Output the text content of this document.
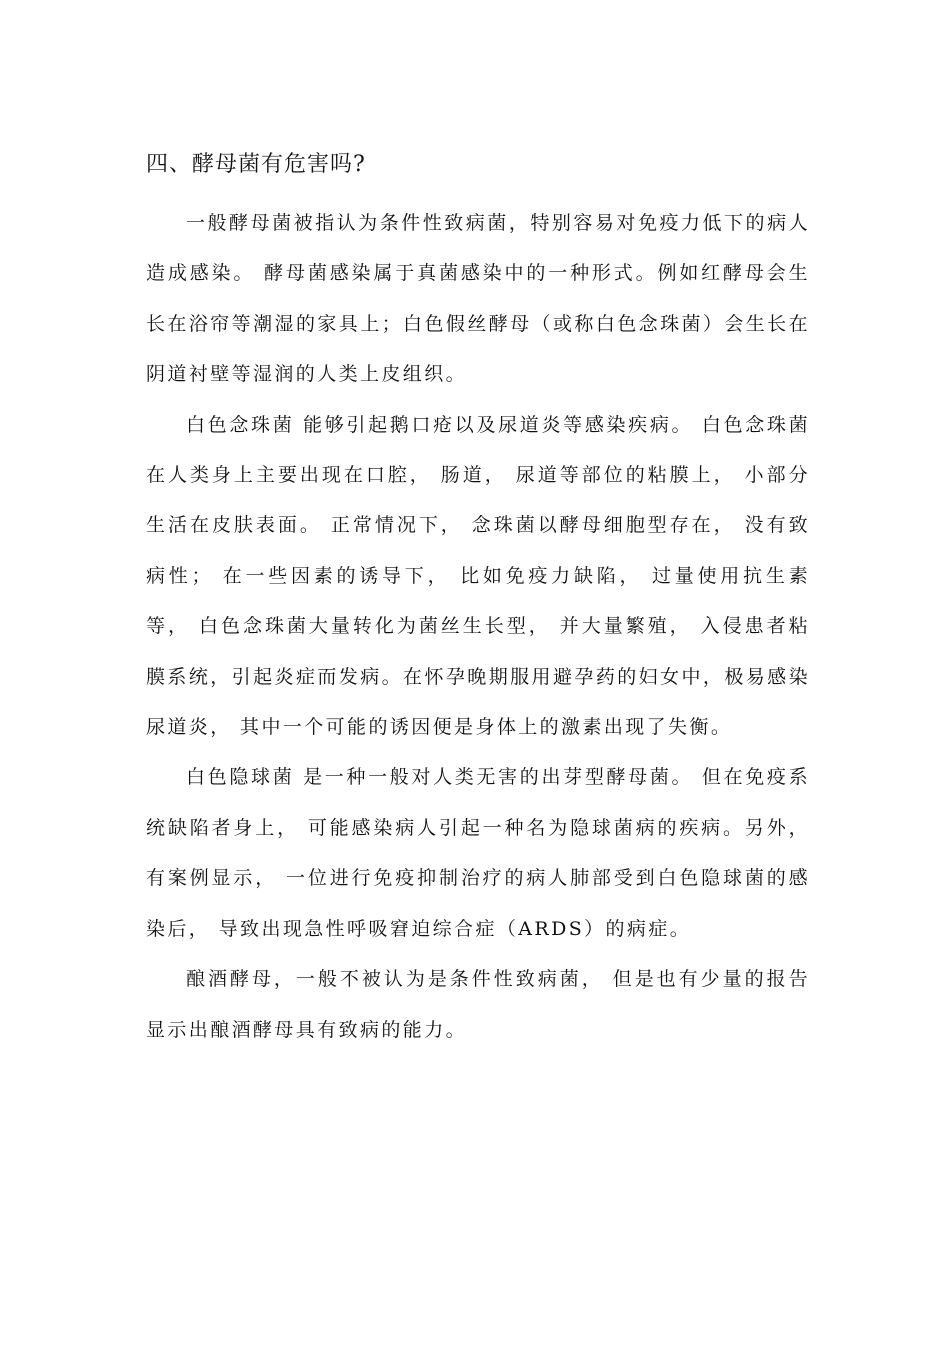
四、酵母菌有危害吗?

一般酵母菌被指认为条件性致病菌，特别容易对免疫力低下的病人造成感染。 酵母菌感染属于真菌感染中的一种形式。例如红酵母会生长在浴帘等潮湿的家具上；白色假丝酵母（或称白色念珠菌）会生长在阴道衬壁等湿润的人类上皮组织。

白色念珠菌 能够引起鹅口疮以及尿道炎等感染疾病。 白色念珠菌在人类身上主要出现在口腔， 肠道， 尿道等部位的粘膜上， 小部分生活在皮肤表面。 正常情况下， 念珠菌以酵母细胞型存在， 没有致病性； 在一些因素的诱导下， 比如免疫力缺陷， 过量使用抗生素等， 白色念珠菌大量转化为菌丝生长型， 并大量繁殖， 入侵患者粘膜系统，引起炎症而发病。在怀孕晚期服用避孕药的妇女中，极易感染尿道炎， 其中一个可能的诱因便是身体上的激素出现了失衡。

白色隐球菌 是一种一般对人类无害的出芽型酵母菌。 但在免疫系统缺陷者身上， 可能感染病人引起一种名为隐球菌病的疾病。另外， 有案例显示， 一位进行免疫抑制治疗的病人肺部受到白色隐球菌的感染后， 导致出现急性呼吸窘迫综合症（ARDS）的病症。

酿酒酵母，一般不被认为是条件性致病菌， 但是也有少量的报告显示出酿酒酵母具有致病的能力。
